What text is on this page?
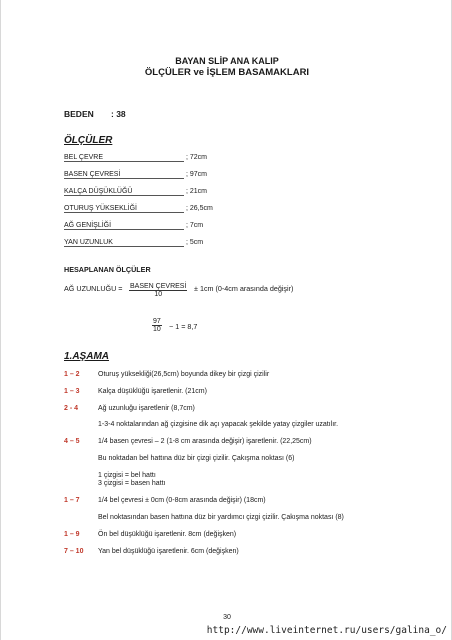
BAYAN SLİP ANA KALIP
ÖLÇÜLER ve İŞLEM BASAMAKLARI
BEDEN : 38
ÖLÇÜLER
BEL ÇEVRE	; 72cm
BASEN ÇEVRESİ	; 97cm
KALÇA DÜŞÜKLÜĞÜ	; 21cm
OTURUŞ YÜKSEKLİĞİ	; 26,5cm
AĞ GENİŞLİĞİ	; 7cm
YAN UZUNLUK	; 5cm
HESAPLANAN ÖLÇÜLER
AĞ UZUNLUĞU = BASEN ÇEVRESİ
10
± 1cm (0-4cm arasında değişir)
$\frac{97}{10} - 1 = 8,7$
1.AŞAMA
1 – 2	Oturuş yüksekliği(26,5cm) boyunda dikey bir çizgi çizilir
1 – 3	Kalça düşüklüğü işaretlenir. (21cm)
2 - 4	Ağ uzunluğu işaretlenir (8,7cm)
1-3-4 noktalarından ağ çizgisine dik açı yapacak şekilde yatay çizgiler uzatılır.
4 – 5	1/4 basen çevresi – 2 (1-8 cm arasında değişir) işaretlenir. (22,25cm)
Bu noktadan bel hattına düz bir çizgi çizilir. Çakışma noktası (6)
1 çizgisi = bel hattı
3 çizgisi = basen hattı
1 – 7	1/4 bel çevresi ± 0cm (0-8cm arasında değişir) (18cm)
Bel noktasından basen hattına düz bir yardımcı çizgi çizilir. Çakışma noktası (8)
1 – 9	Ön bel düşüklüğü işaretlenir. 8cm (değişken)
7 – 10 Yan bel düşüklüğü işaretlenir. 6cm (değişken)
30
http://www.liveinternet.ru/users/galina_o/
